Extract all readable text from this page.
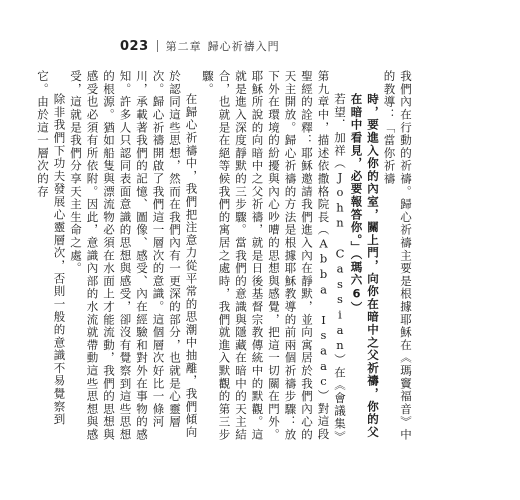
023 第二章 歸心祈禱入門

我們內在行動的祈禱。歸心祈禱主要是根據耶穌在《瑪竇福音》中的教導：「當你祈禱

時，要進入你的內室，關上門，向你在暗中之父祈禱，你的父在暗中看見，必要報答你。」（瑪六6）

若望．加祥（John Cassian）在《會議集》第九章中，描述依撒格院長（Abba Isaac）對這段聖經的詮釋：耶穌邀請我們進入內在靜默，並向寓居於我們內心的天主開放。歸心祈禱的方法是根據耶穌教導的前兩個祈禱步驟：放下外在環境的紛擾與內心吵嘈的思想與感覺，把這一切關在門外。耶穌所說的向暗中之父祈禱，就是日後基督宗教傳統中的默觀。這就是進入深度靜默的三步驟。當我們的意識與隱藏在暗中的天主結合，也就是在絕等候我們的寓居之處時，我們就進入默觀的第三步驟。

在歸心祈禱中，我們把注意力從平常的思潮中抽離，我們傾向於認同這些思想，然而在我們內有一更深的部分，也就是心靈層次。歸心祈禱開啟了我們這一層次的意識。這個層次好比一條河川，承載著我們的記憶、圖像、感受、內在經驗和對外在事物的感知。許多人只認同表面意識的思想與感受，卻沒有覺察到這些思想的根源。猶如船隻與漂流物必須在水面上才能流動，我們的思想與感受也必須有所依附。因此，意識內部的水流就帶動這些思想與感受，這就是我們分享天主生命之處。

除非我們下功夫發展心靈層次，否則一般的意識不易覺察到它。由於這一層次的存
